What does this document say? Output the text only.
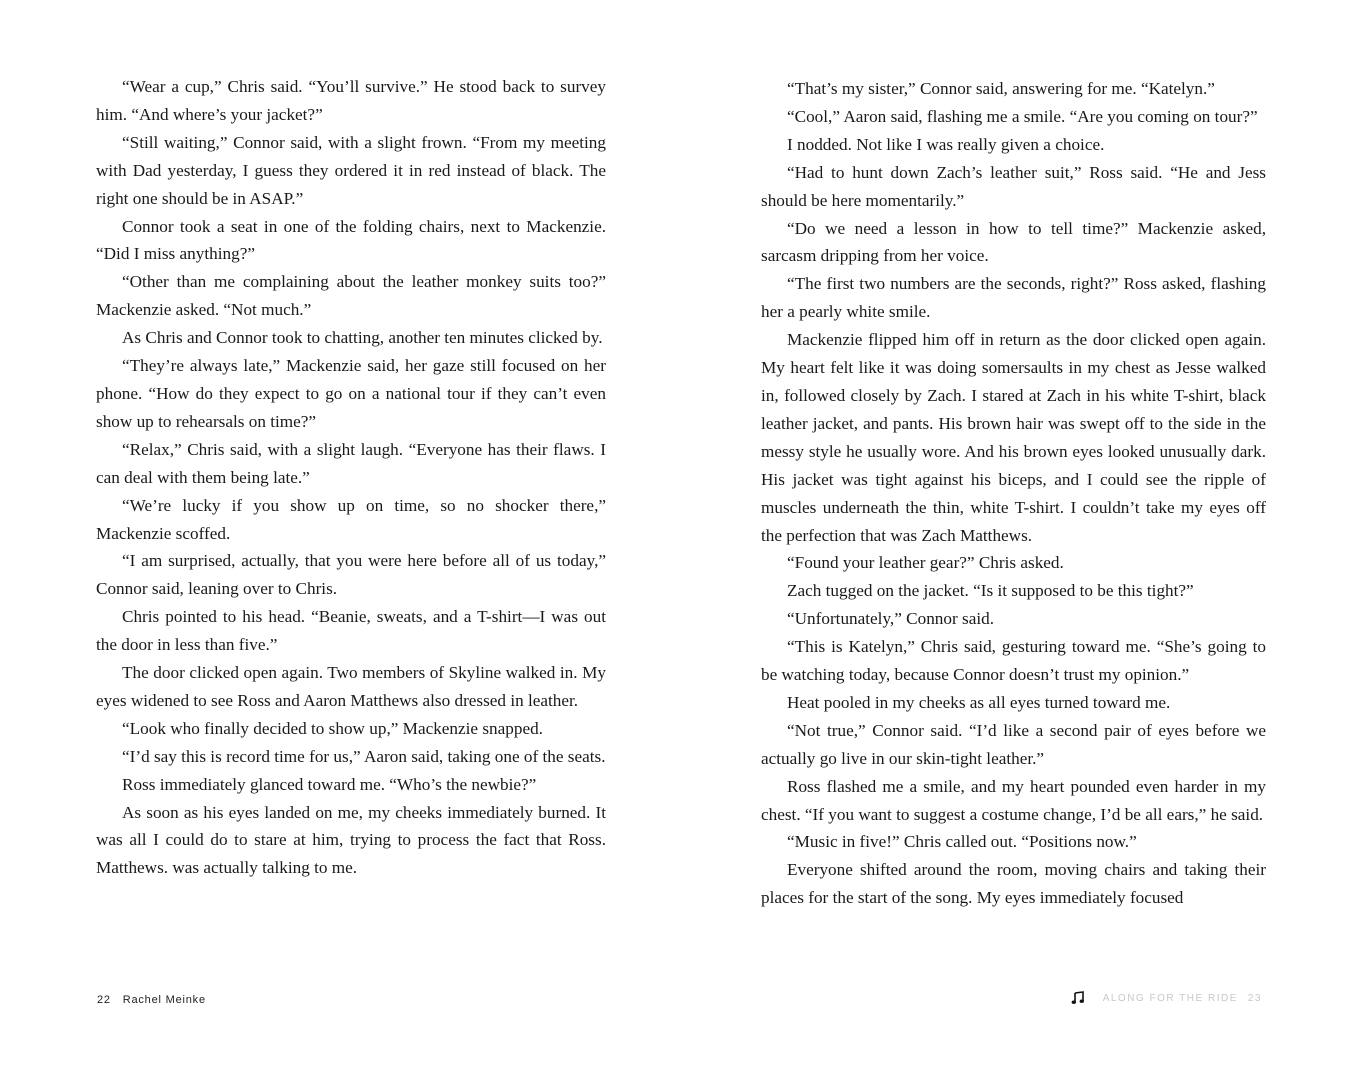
“Wear a cup,” Chris said. “You’ll survive.” He stood back to survey him. “And where’s your jacket?”

“Still waiting,” Connor said, with a slight frown. “From my meeting with Dad yesterday, I guess they ordered it in red instead of black. The right one should be in ASAP.”

Connor took a seat in one of the folding chairs, next to Mackenzie. “Did I miss anything?”

“Other than me complaining about the leather monkey suits too?” Mackenzie asked. “Not much.”

As Chris and Connor took to chatting, another ten minutes clicked by.

“They’re always late,” Mackenzie said, her gaze still focused on her phone. “How do they expect to go on a national tour if they can’t even show up to rehearsals on time?”

“Relax,” Chris said, with a slight laugh. “Everyone has their flaws. I can deal with them being late.”

“We’re lucky if you show up on time, so no shocker there,” Mackenzie scoffed.

“I am surprised, actually, that you were here before all of us today,” Connor said, leaning over to Chris.

Chris pointed to his head. “Beanie, sweats, and a T-shirt—I was out the door in less than five.”

The door clicked open again. Two members of Skyline walked in. My eyes widened to see Ross and Aaron Matthews also dressed in leather.

“Look who finally decided to show up,” Mackenzie snapped.

“I’d say this is record time for us,” Aaron said, taking one of the seats.

Ross immediately glanced toward me. “Who’s the newbie?”

As soon as his eyes landed on me, my cheeks immediately burned. It was all I could do to stare at him, trying to process the fact that Ross. Matthews. was actually talking to me.

22 Rachel Meinke

“That’s my sister,” Connor said, answering for me. “Katelyn.”

“Cool,” Aaron said, flashing me a smile. “Are you coming on tour?”

I nodded. Not like I was really given a choice.

“Had to hunt down Zach’s leather suit,” Ross said. “He and Jess should be here momentarily.”

“Do we need a lesson in how to tell time?” Mackenzie asked, sarcasm dripping from her voice.

“The first two numbers are the seconds, right?” Ross asked, flashing her a pearly white smile.

Mackenzie flipped him off in return as the door clicked open again. My heart felt like it was doing somersaults in my chest as Jesse walked in, followed closely by Zach. I stared at Zach in his white T-shirt, black leather jacket, and pants. His brown hair was swept off to the side in the messy style he usually wore. And his brown eyes looked unusually dark. His jacket was tight against his biceps, and I could see the ripple of muscles underneath the thin, white T-shirt. I couldn’t take my eyes off the perfection that was Zach Matthews.

“Found your leather gear?” Chris asked.

Zach tugged on the jacket. “Is it supposed to be this tight?”

“Unfortunately,” Connor said.

“This is Katelyn,” Chris said, gesturing toward me. “She’s going to be watching today, because Connor doesn’t trust my opinion.”

Heat pooled in my cheeks as all eyes turned toward me.

“Not true,” Connor said. “I’d like a second pair of eyes before we actually go live in our skin-tight leather.”

Ross flashed me a smile, and my heart pounded even harder in my chest. “If you want to suggest a costume change, I’d be all ears,” he said.

“Music in five!” Chris called out. “Positions now.”

Everyone shifted around the room, moving chairs and taking their places for the start of the song. My eyes immediately focused

ALONG FOR THE RIDE 23
